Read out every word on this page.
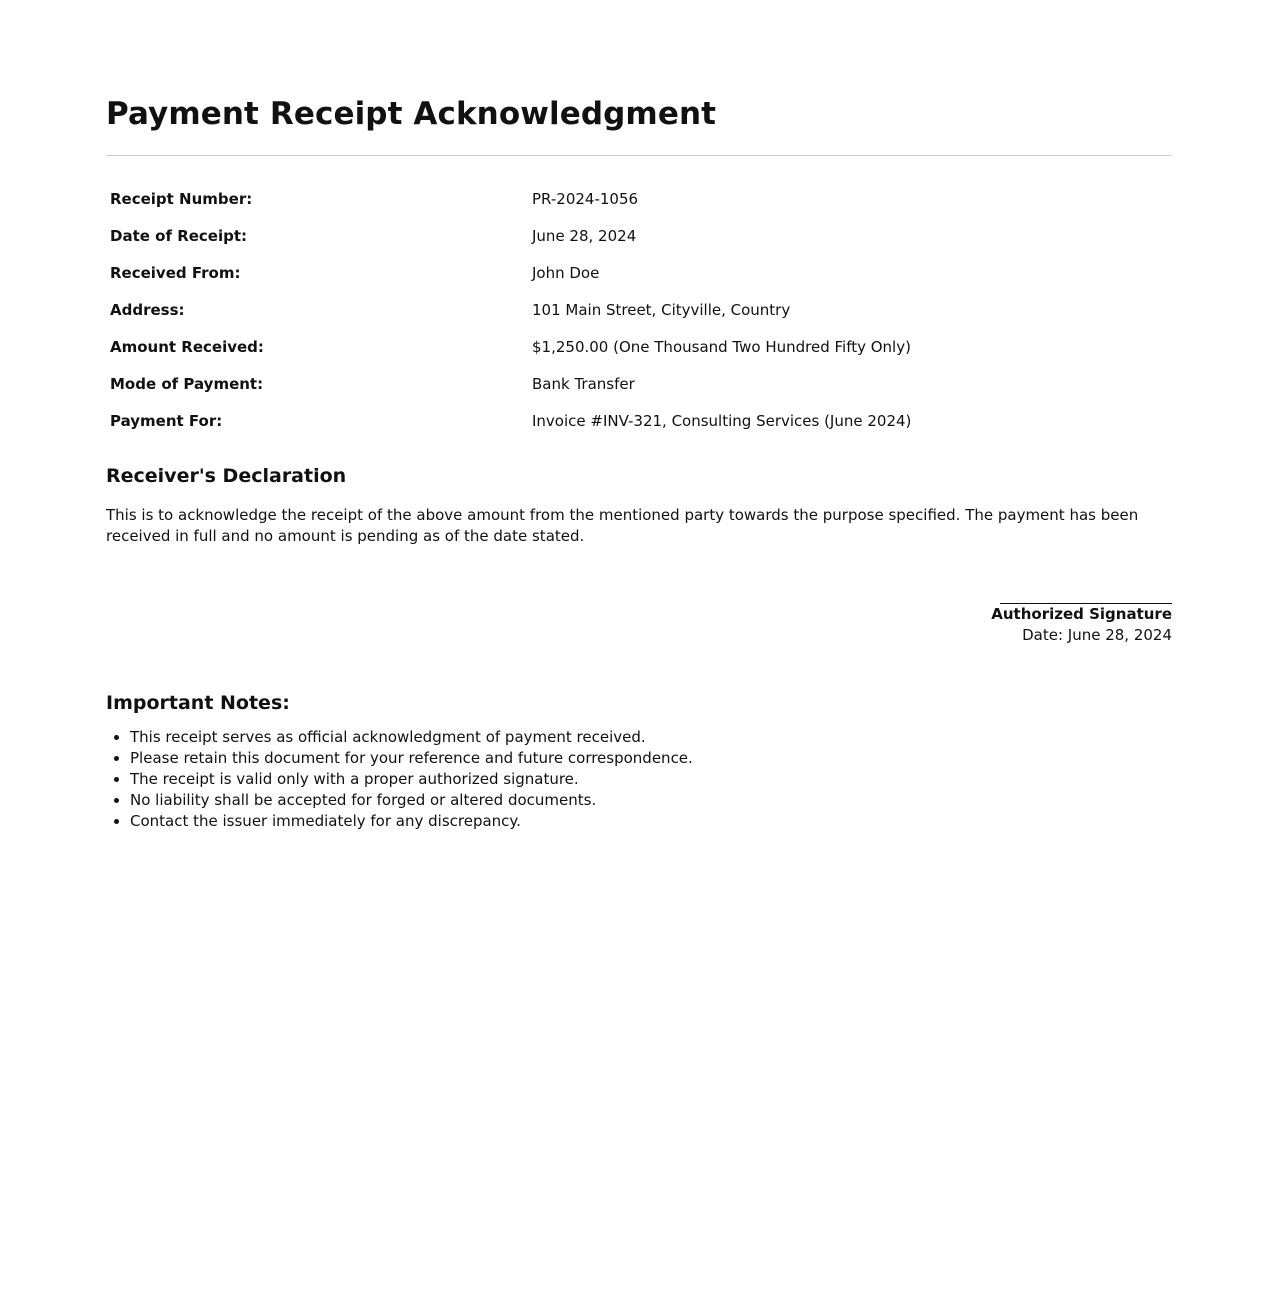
Payment Receipt Acknowledgment
Receipt Number:	PR-2024-1056
Date of Receipt:	June 28, 2024
Received From:	John Doe
Address:	101 Main Street, Cityville, Country
Amount Received:	$1,250.00 (One Thousand Two Hundred Fifty Only)
Mode of Payment:	Bank Transfer
Payment For:	Invoice #INV-321, Consulting Services (June 2024)
Receiver's Declaration

This is to acknowledge the receipt of the above amount from the mentioned party towards the purpose specified. The payment has been received in full and no amount is pending as of the date stated.

Authorized Signature
Date: June 28, 2024
Important Notes:
• This receipt serves as official acknowledgment of payment received.
• Please retain this document for your reference and future correspondence.
• The receipt is valid only with a proper authorized signature.
• No liability shall be accepted for forged or altered documents.
• Contact the issuer immediately for any discrepancy.
